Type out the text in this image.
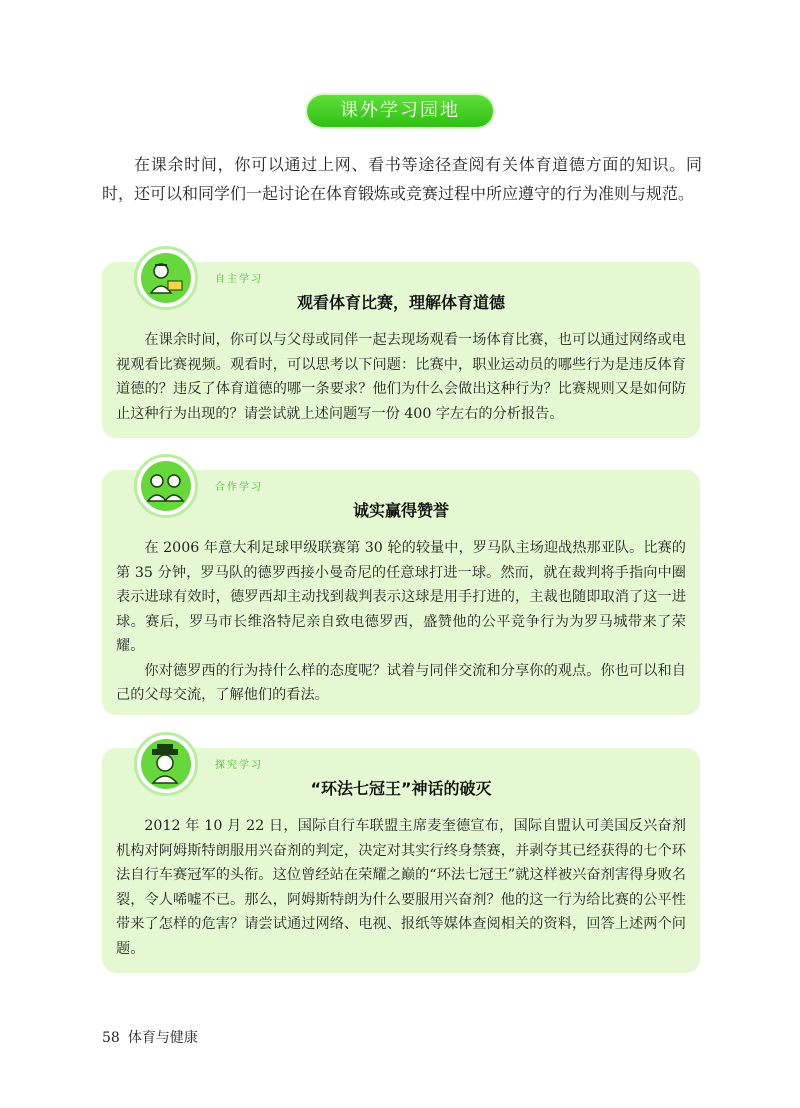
课外学习园地

在课余时间，你可以通过上网、看书等途径查阅有关体育道德方面的知识。同时，还可以和同学们一起讨论在体育锻炼或竞赛过程中所应遵守的行为准则与规范。

自主学习
观看体育比赛，理解体育道德

在课余时间，你可以与父母或同伴一起去现场观看一场体育比赛，也可以通过网络或电视观看比赛视频。观看时，可以思考以下问题：比赛中，职业运动员的哪些行为是违反体育道德的？违反了体育道德的哪一条要求？他们为什么会做出这种行为？比赛规则又是如何防止这种行为出现的？请尝试就上述问题写一份 400 字左右的分析报告。

合作学习
诚实赢得赞誉

在 2006 年意大利足球甲级联赛第 30 轮的较量中，罗马队主场迎战热那亚队。比赛的第 35 分钟，罗马队的德罗西接小曼奇尼的任意球打进一球。然而，就在裁判将手指向中圈表示进球有效时，德罗西却主动找到裁判表示这球是用手打进的，主裁也随即取消了这一进球。赛后，罗马市长维洛特尼亲自致电德罗西，盛赞他的公平竞争行为为罗马城带来了荣耀。

你对德罗西的行为持什么样的态度呢？试着与同伴交流和分享你的观点。你也可以和自己的父母交流，了解他们的看法。

探究学习
“环法七冠王”神话的破灭

2012 年 10 月 22 日，国际自行车联盟主席麦奎德宣布，国际自盟认可美国反兴奋剂机构对阿姆斯特朗服用兴奋剂的判定，决定对其实行终身禁赛，并剥夺其已经获得的七个环法自行车赛冠军的头衔。这位曾经站在荣耀之巅的“环法七冠王”就这样被兴奋剂害得身败名裂，令人唏嘘不已。那么，阿姆斯特朗为什么要服用兴奋剂？他的这一行为给比赛的公平性带来了怎样的危害？请尝试通过网络、电视、报纸等媒体查阅相关的资料，回答上述两个问题。

58 体育与健康
